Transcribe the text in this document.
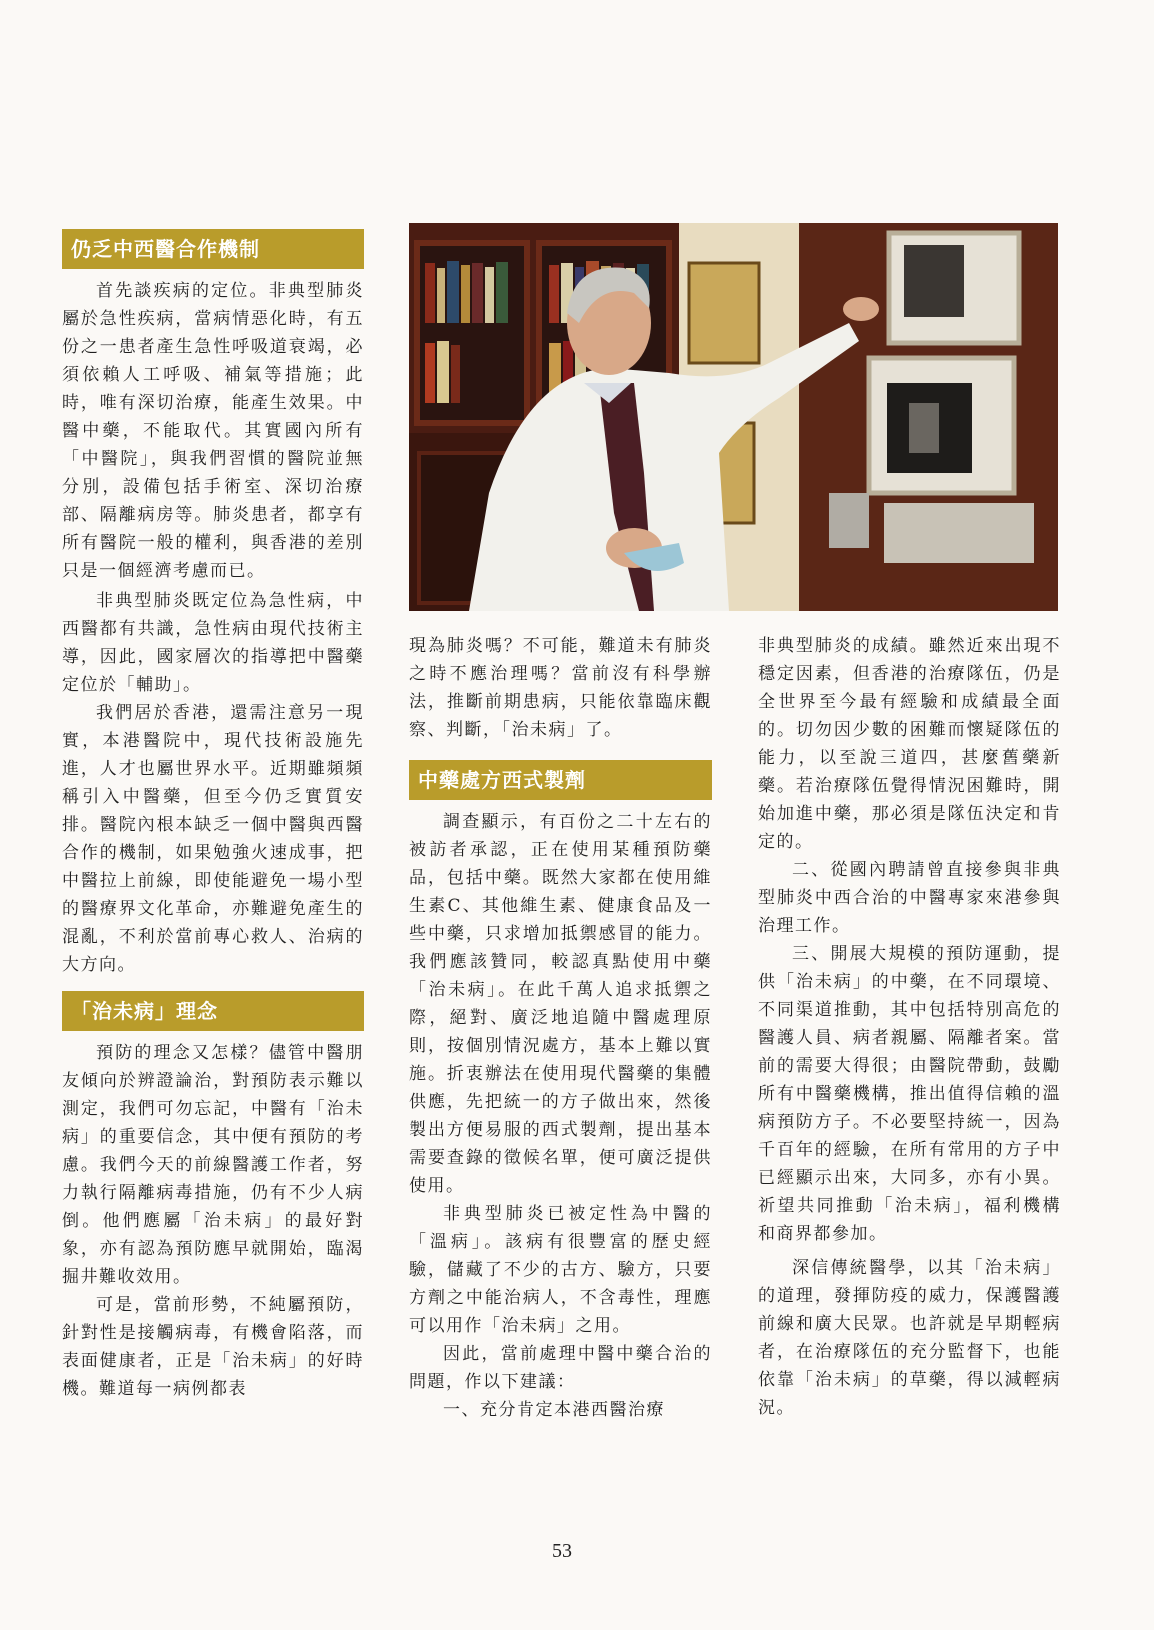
仍乏中西醫合作機制

首先談疾病的定位。非典型肺炎屬於急性疾病，當病情惡化時，有五份之一患者產生急性呼吸道衰竭，必須依賴人工呼吸、補氣等措施；此時，唯有深切治療，能產生效果。中醫中藥，不能取代。其實國內所有「中醫院」，與我們習慣的醫院並無分別，設備包括手術室、深切治療部、隔離病房等。肺炎患者，都享有所有醫院一般的權利，與香港的差別只是一個經濟考慮而已。

非典型肺炎既定位為急性病，中西醫都有共識，急性病由現代技術主導，因此，國家層次的指導把中醫藥定位於「輔助」。

我們居於香港，還需注意另一現實，本港醫院中，現代技術設施先進，人才也屬世界水平。近期雖頻頻稱引入中醫藥，但至今仍乏實質安排。醫院內根本缺乏一個中醫與西醫合作的機制，如果勉強火速成事，把中醫拉上前線，即使能避免一場小型的醫療界文化革命，亦難避免產生的混亂，不利於當前專心救人、治病的大方向。

「治未病」理念

預防的理念又怎樣？儘管中醫朋友傾向於辨證論治，對預防表示難以測定，我們可勿忘記，中醫有「治未病」的重要信念，其中便有預防的考慮。我們今天的前線醫護工作者，努力執行隔離病毒措施，仍有不少人病倒。他們應屬「治未病」的最好對象，亦有認為預防應早就開始，臨渴掘井難收效用。

可是，當前形勢，不純屬預防，針對性是接觸病毒，有機會陷落，而表面健康者，正是「治未病」的好時機。難道每一病例都表

現為肺炎嗎？不可能，難道未有肺炎之時不應治理嗎？當前沒有科學辦法，推斷前期患病，只能依靠臨床觀察、判斷，「治未病」了。

中藥處方西式製劑

調查顯示，有百份之二十左右的被訪者承認，正在使用某種預防藥品，包括中藥。既然大家都在使用維生素C、其他維生素、健康食品及一些中藥，只求增加抵禦感冒的能力。我們應該贊同，較認真點使用中藥「治未病」。在此千萬人追求抵禦之際，絕對、廣泛地追隨中醫處理原則，按個別情況處方，基本上難以實施。折衷辦法在使用現代醫藥的集體供應，先把統一的方子做出來，然後製出方便易服的西式製劑，提出基本需要查錄的徵候名單，便可廣泛提供使用。

非典型肺炎已被定性為中醫的「溫病」。該病有很豐富的歷史經驗，儲藏了不少的古方、驗方，只要方劑之中能治病人，不含毒性，理應可以用作「治未病」之用。

因此，當前處理中醫中藥合治的問題，作以下建議：

一、充分肯定本港西醫治療

非典型肺炎的成績。雖然近來出現不穩定因素，但香港的治療隊伍，仍是全世界至今最有經驗和成績最全面的。切勿因少數的困難而懷疑隊伍的能力，以至說三道四，甚麼舊藥新藥。若治療隊伍覺得情況困難時，開始加進中藥，那必須是隊伍決定和肯定的。

二、從國內聘請曾直接參與非典型肺炎中西合治的中醫專家來港參與治理工作。

三、開展大規模的預防運動，提供「治未病」的中藥，在不同環境、不同渠道推動，其中包括特別高危的醫護人員、病者親屬、隔離者案。當前的需要大得很；由醫院帶動，鼓勵所有中醫藥機構，推出值得信賴的溫病預防方子。不必要堅持統一，因為千百年的經驗，在所有常用的方子中已經顯示出來，大同多，亦有小異。祈望共同推動「治未病」，福利機構和商界都參加。

深信傳統醫學，以其「治未病」的道理，發揮防疫的威力，保護醫護前線和廣大民眾。也許就是早期輕病者，在治療隊伍的充分監督下，也能依靠「治未病」的草藥，得以減輕病況。

53
